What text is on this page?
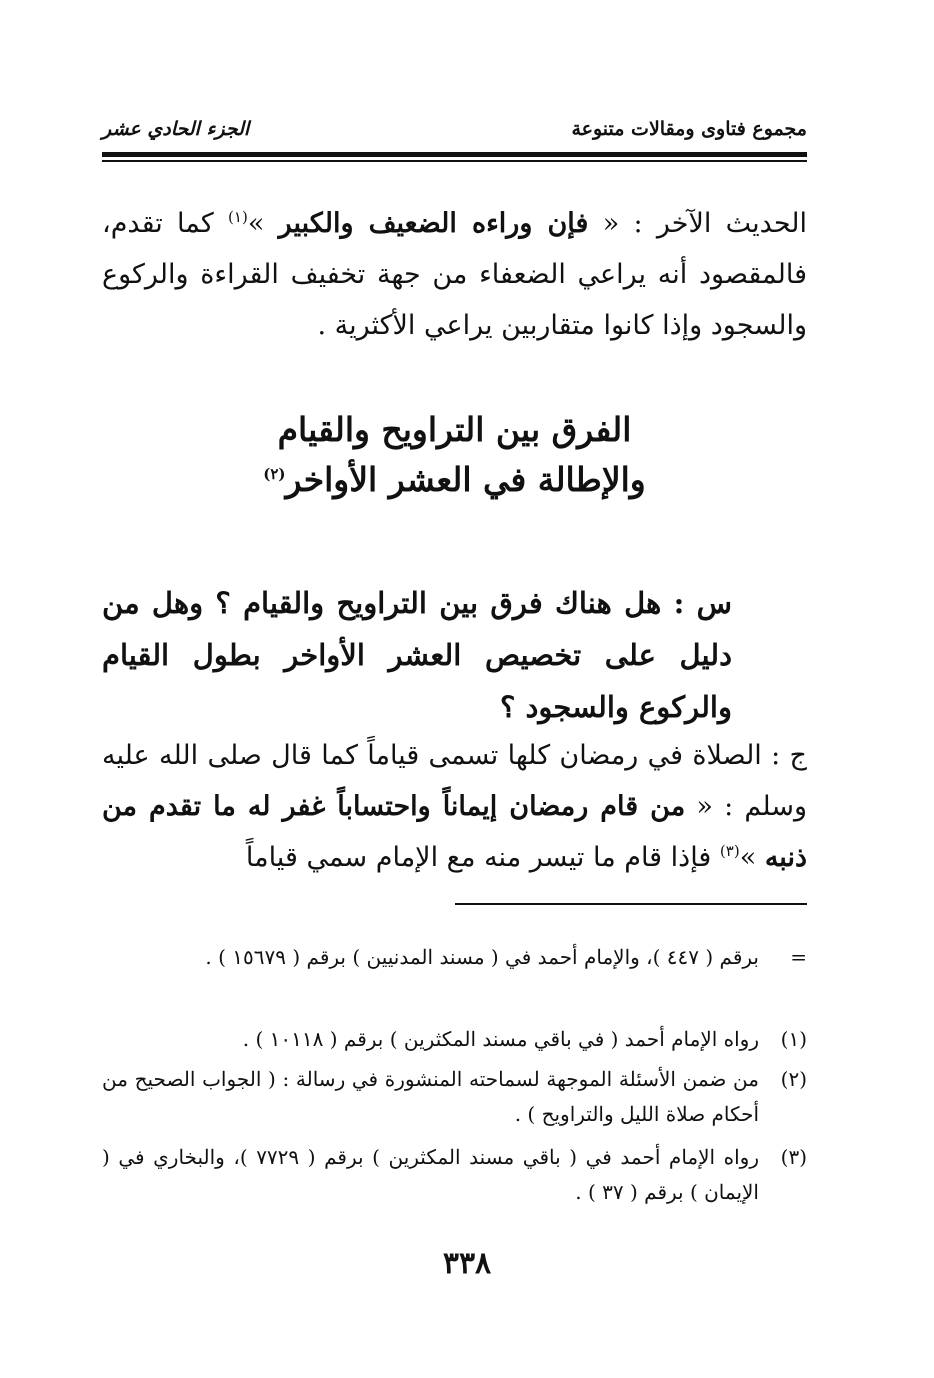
مجموع فتاوى ومقالات متنوعة
الجزء الحادي عشر
الحديث الآخر : « فإن وراءه الضعيف والكبير »$^{(١)}$ كما تقدم، فالمقصود أنه يراعي الضعفاء من جهة تخفيف القراءة والركوع والسجود وإذا كانوا متقاربين يراعي الأكثرية .
الفرق بين التراويح والقيام
والإطالة في العشر الأواخر$^{(٢)}$
س : هل هناك فرق بين التراويح والقيام ؟ وهل من دليل على تخصيص العشر الأواخر بطول القيام والركوع والسجود ؟
ج : الصلاة في رمضان كلها تسمى قياماً كما قال صلى الله عليه وسلم : « من قام رمضان إيماناً واحتساباً غفر له ما تقدم من ذنبه »$^{(٣)}$ فإذا قام ما تيسر منه مع الإمام سمي قياماً
=
برقم ( ٤٤٧ )، والإمام أحمد في ( مسند المدنيين ) برقم ( ١٥٦٧٩ ) .
(١)
رواه الإمام أحمد ( في باقي مسند المكثرين ) برقم ( ١٠١١٨ ) .
(٢)
من ضمن الأسئلة الموجهة لسماحته المنشورة في رسالة : ( الجواب الصحيح من أحكام صلاة الليل والتراويح ) .
(٣)
رواه الإمام أحمد في ( باقي مسند المكثرين ) برقم ( ٧٧٢٩ )، والبخاري في ( الإيمان ) برقم ( ٣٧ ) .
٣٣٨
